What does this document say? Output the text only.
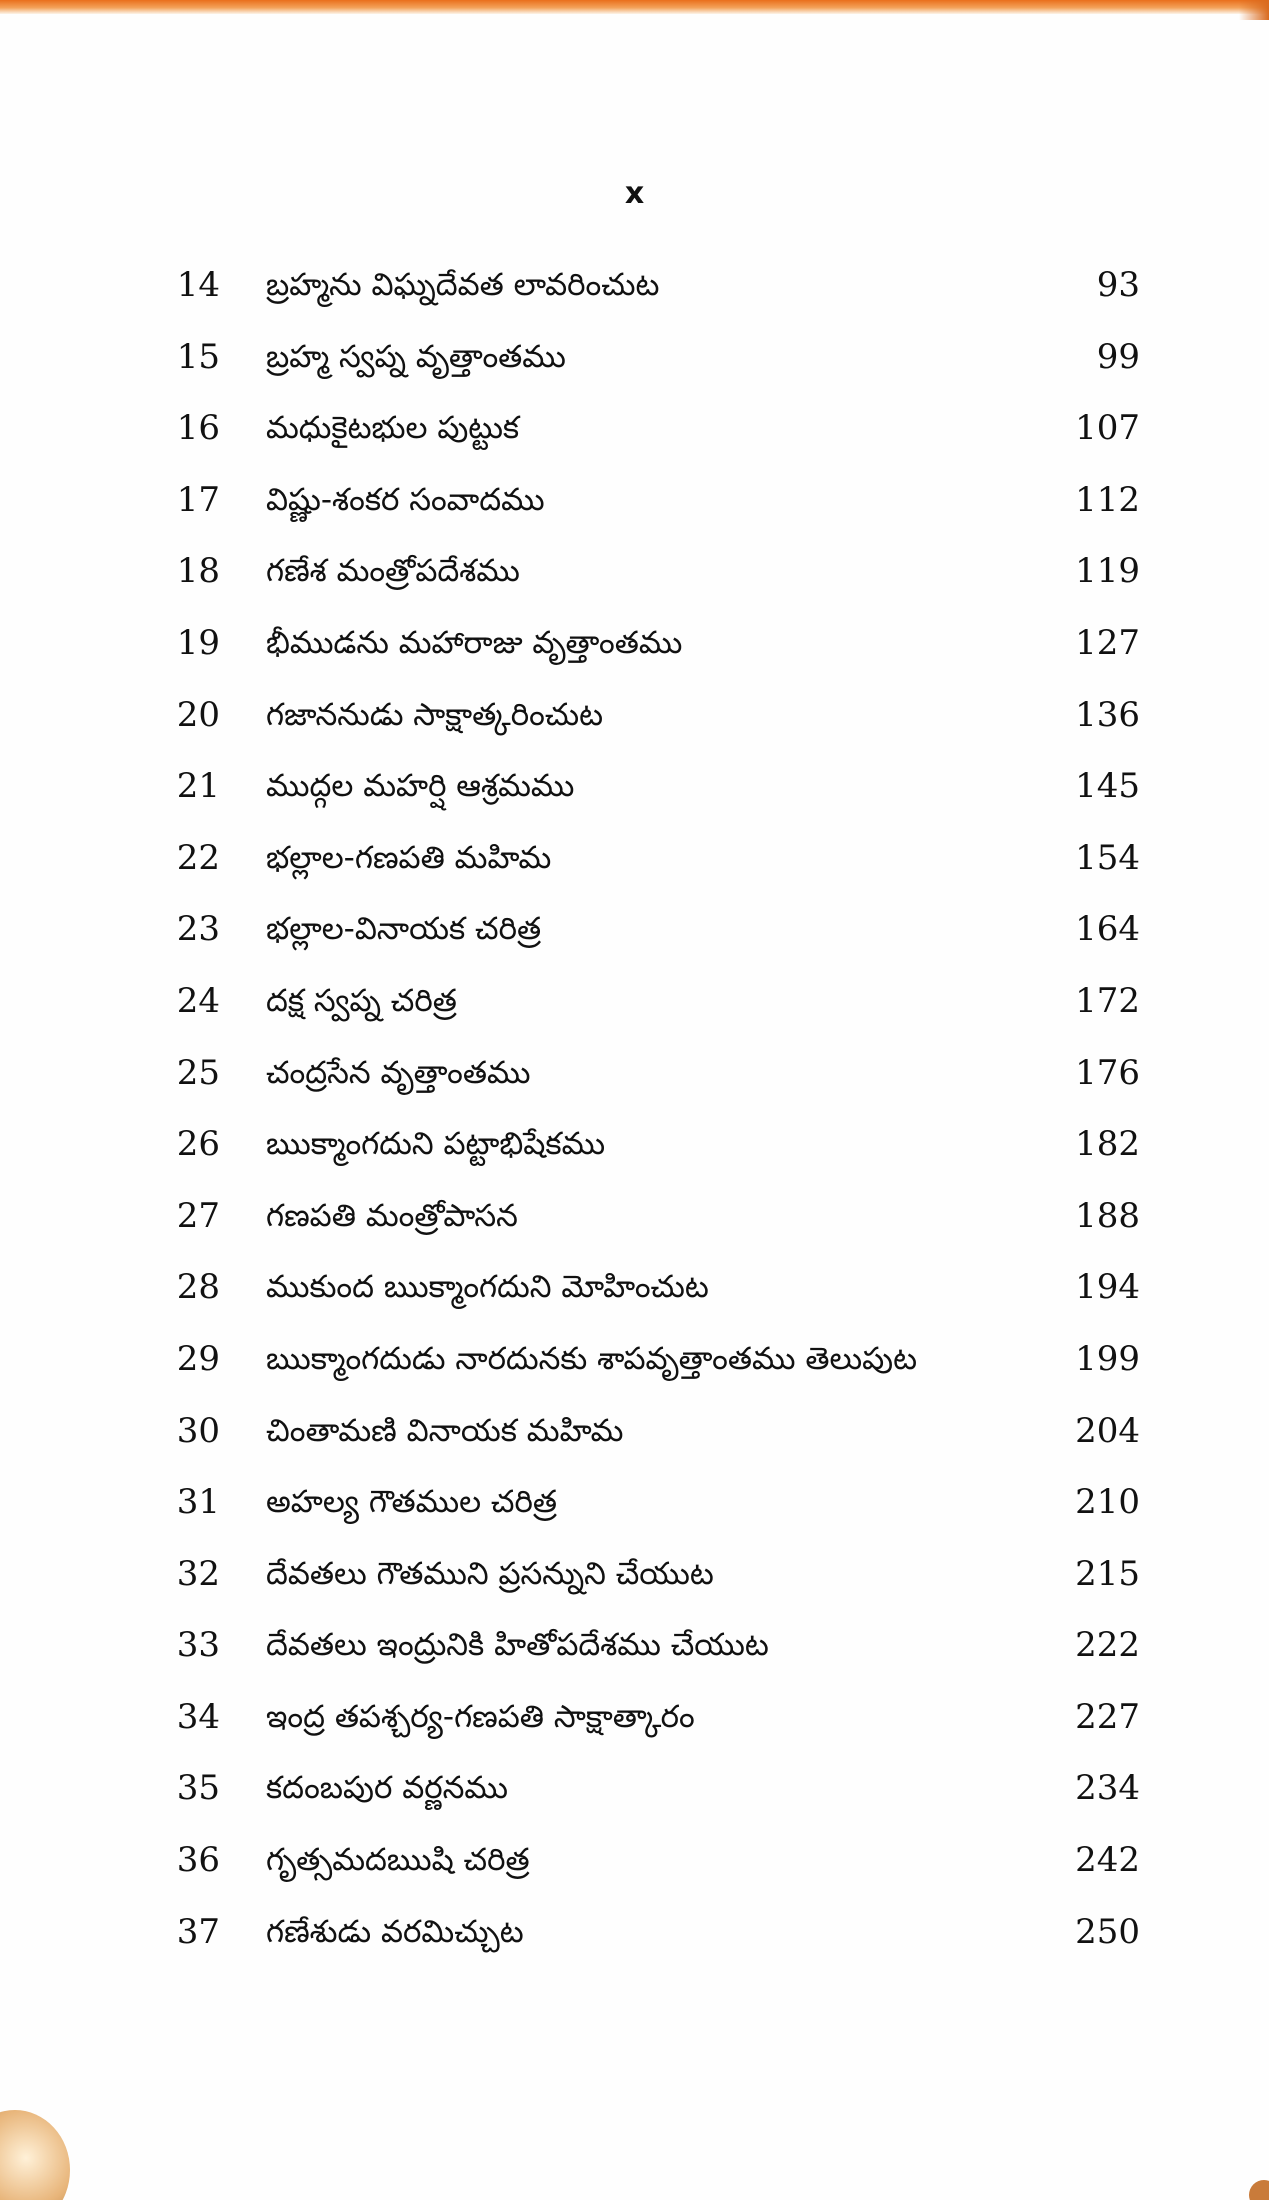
x
14 బ్రహ్మను విఘ్నదేవత లావరించుట	93
15 బ్రహ్మ స్వప్న వృత్తాంతము	99
16 మధుకైటభుల పుట్టుక	107
17 విష్ణు-శంకర సంవాదము	112
18 గణేశ మంత్రోపదేశము	119
19 భీముడను మహారాజు వృత్తాంతము	127
20 గజాననుడు సాక్షాత్కరించుట	136
21 ముద్గల మహర్షి ఆశ్రమము	145
22 భల్లాల-గణపతి మహిమ	154
23 భల్లాల-వినాయక చరిత్ర	164
24 దక్ష స్వప్న చరిత్ర	172
25 చంద్రసేన వృత్తాంతము	176
26 ఋక్మాంగదుని పట్టాభిషేకము	182
27 గణపతి మంత్రోపాసన	188
28 ముకుంద ఋక్మాంగదుని మోహించుట	194
29 ఋక్మాంగదుడు నారదునకు శాపవృత్తాంతము తెలుపుట	199
30 చింతామణి వినాయక మహిమ	204
31 అహల్య గౌతముల చరిత్ర	210
32 దేవతలు గౌతముని ప్రసన్నుని చేయుట	215
33 దేవతలు ఇంద్రునికి హితోపదేశము చేయుట	222
34 ఇంద్ర తపశ్చర్య-గణపతి సాక్షాత్కారం	227
35 కదంబపుర వర్ణనము	234
36 గృత్సమదఋషి చరిత్ర	242
37 గణేశుడు వరమిచ్చుట	250
